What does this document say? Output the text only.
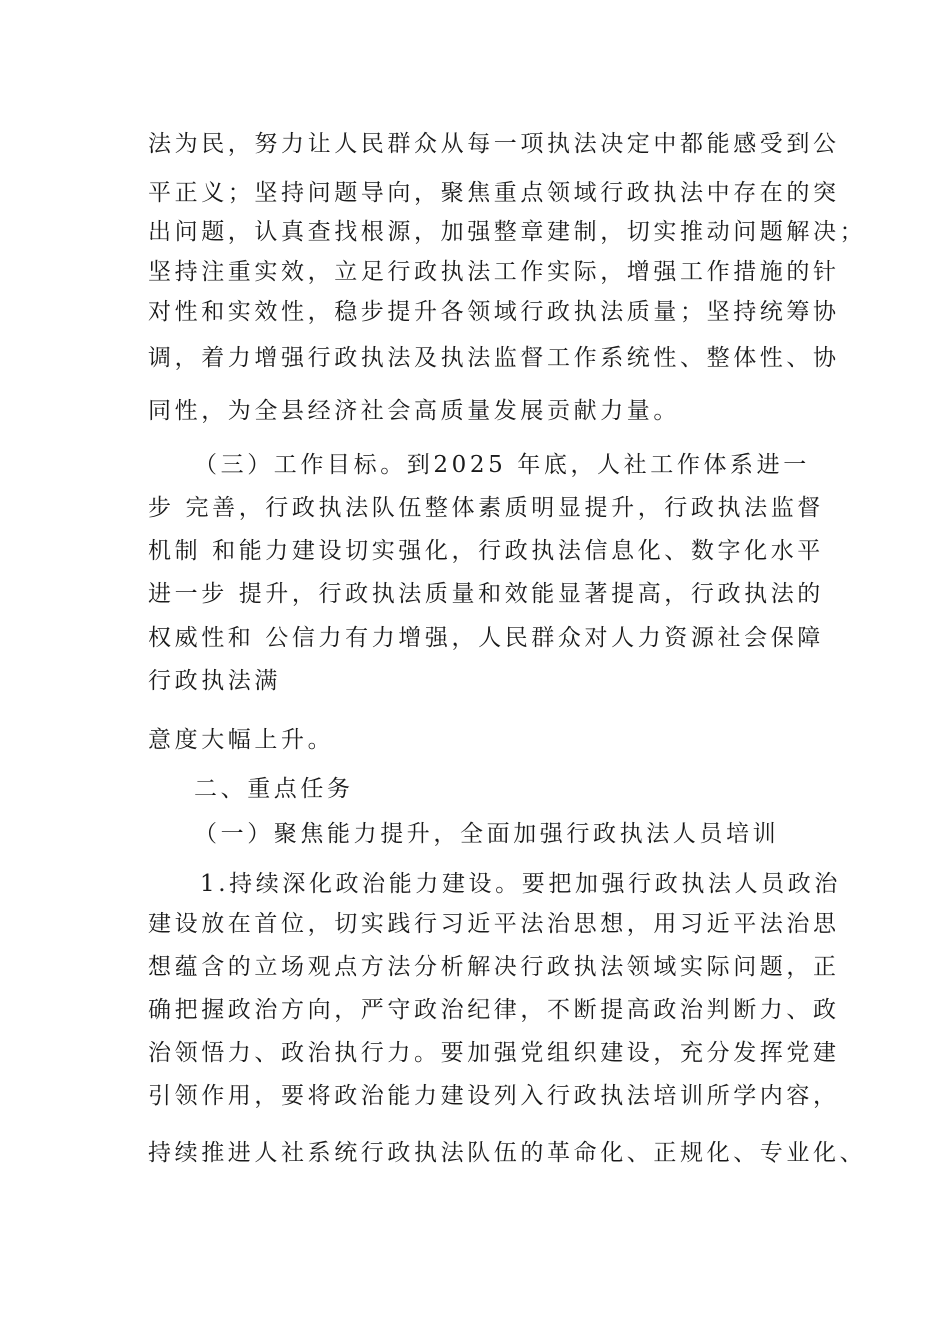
法为民，努力让人民群众从每一项执法决定中都能感受到公
平正义；坚持问题导向，聚焦重点领域行政执法中存在的突
出问题，认真查找根源，加强整章建制，切实推动问题解决；
坚持注重实效，立足行政执法工作实际，增强工作措施的针
对性和实效性，稳步提升各领域行政执法质量；坚持统筹协
调，着力增强行政执法及执法监督工作系统性、整体性、协
同性，为全县经济社会高质量发展贡献力量。
（三）工作目标。到2025 年底，人社工作体系进一
步 完善，行政执法队伍整体素质明显提升，行政执法监督
机制 和能力建设切实强化，行政执法信息化、数字化水平
进一步 提升，行政执法质量和效能显著提高，行政执法的
权威性和 公信力有力增强，人民群众对人力资源社会保障
行政执法满
意度大幅上升。
二、重点任务
（一）聚焦能力提升，全面加强行政执法人员培训
1.持续深化政治能力建设。要把加强行政执法人员政治
建设放在首位，切实践行习近平法治思想，用习近平法治思
想蕴含的立场观点方法分析解决行政执法领域实际问题，正
确把握政治方向，严守政治纪律，不断提高政治判断力、政
治领悟力、政治执行力。要加强党组织建设，充分发挥党建
引领作用，要将政治能力建设列入行政执法培训所学内容，
持续推进人社系统行政执法队伍的革命化、正规化、专业化、
